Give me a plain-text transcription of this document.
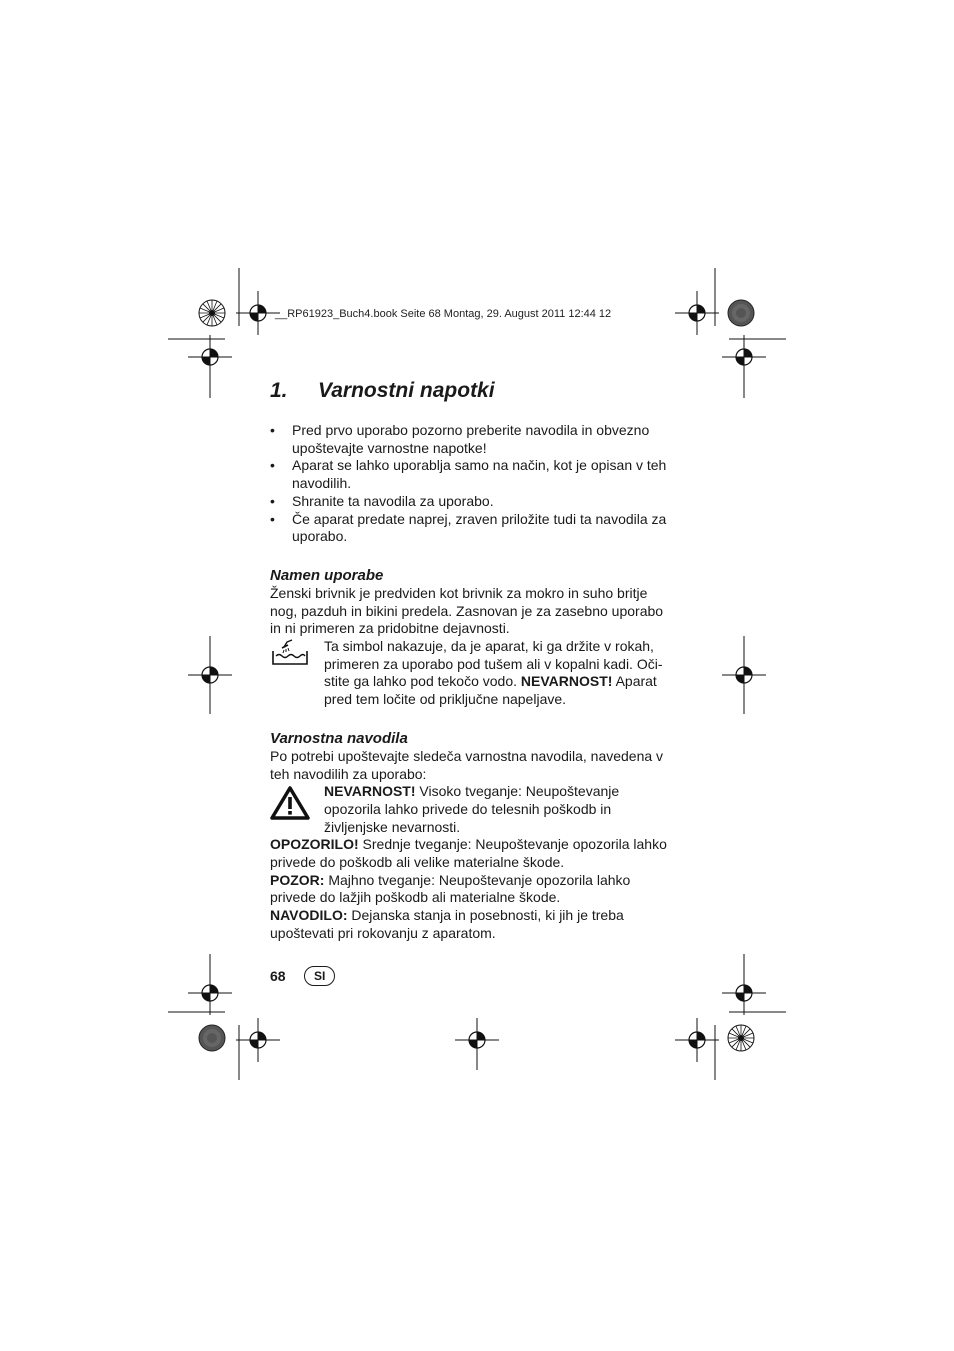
__RP61923_Buch4.book Seite 68 Montag, 29. August 2011 12:44 12
1.	Varnostni napotki
• Pred prvo uporabo pozorno preberite navodila in obvezno upoštevajte varnostne napotke!
• Aparat se lahko uporablja samo na način, kot je opisan v teh navodilih.
• Shranite ta navodila za uporabo.
• Če aparat predate naprej, zraven priložite tudi ta navodila za uporabo.
Namen uporabe

Ženski brivnik je predviden kot brivnik za mokro in suho britje nog, pazduh in bikini predela. Zasnovan je za zasebno uporabo in ni primeren za pridobitne dejavnosti.

Ta simbol nakazuje, da je aparat, ki ga držite v rokah, primeren za uporabo pod tušem ali v kopalni kadi. Oči-stite ga lahko pod tekočo vodo. NEVARNOST! Aparat pred tem ločite od priključne napeljave.
Varnostna navodila

Po potrebi upoštevajte sledeča varnostna navodila, navedena v teh navodilih za uporabo:

NEVARNOST! Visoko tveganje: Neupoštevanje opozorila lahko privede do telesnih poškodb in življenjske nevarnosti.

OPOZORILO! Srednje tveganje: Neupoštevanje opozorila lahko privede do poškodb ali velike materialne škode.

POZOR: Majhno tveganje: Neupoštevanje opozorila lahko privede do lažjih poškodb ali materialne škode.

NAVODILO: Dejanska stanja in posebnosti, ki jih je treba upoštevati pri rokovanju z aparatom.

68	SI
